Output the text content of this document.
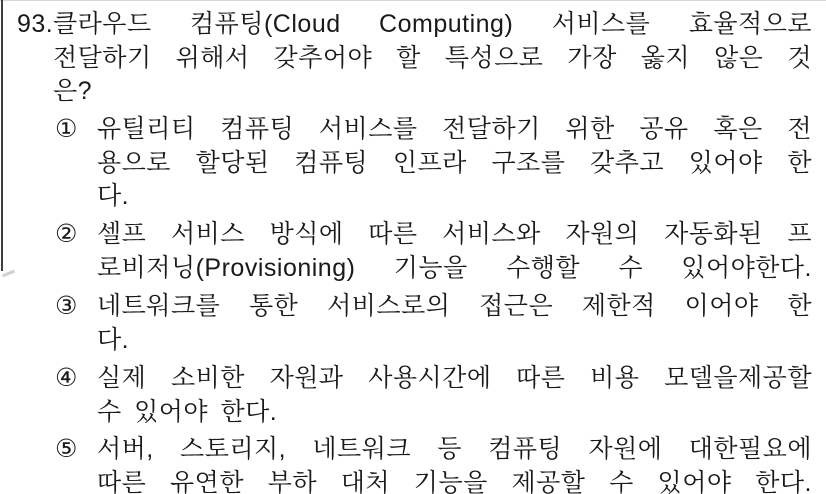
93. 클라우드 컴퓨팅(Cloud Computing) 서비스를 효율적으로
전달하기 위해서 갖추어야 할 특성으로 가장 옳지 않은 것
은?
① 유틸리티 컴퓨팅 서비스를 전달하기 위한 공유 혹은 전
용으로 할당된 컴퓨팅 인프라 구조를 갖추고 있어야 한
다.
② 셀프 서비스 방식에 따른 서비스와 자원의 자동화된 프
로비저닝(Provisioning) 기능을 수행할 수 있어야한다.
③ 네트워크를 통한 서비스로의 접근은 제한적 이어야 한
다.
④ 실제 소비한 자원과 사용시간에 따른 비용 모델을제공할
수 있어야 한다.
⑤ 서버, 스토리지, 네트워크 등 컴퓨팅 자원에 대한필요에
따른 유연한 부하 대처 기능을 제공할 수 있어야 한다.
